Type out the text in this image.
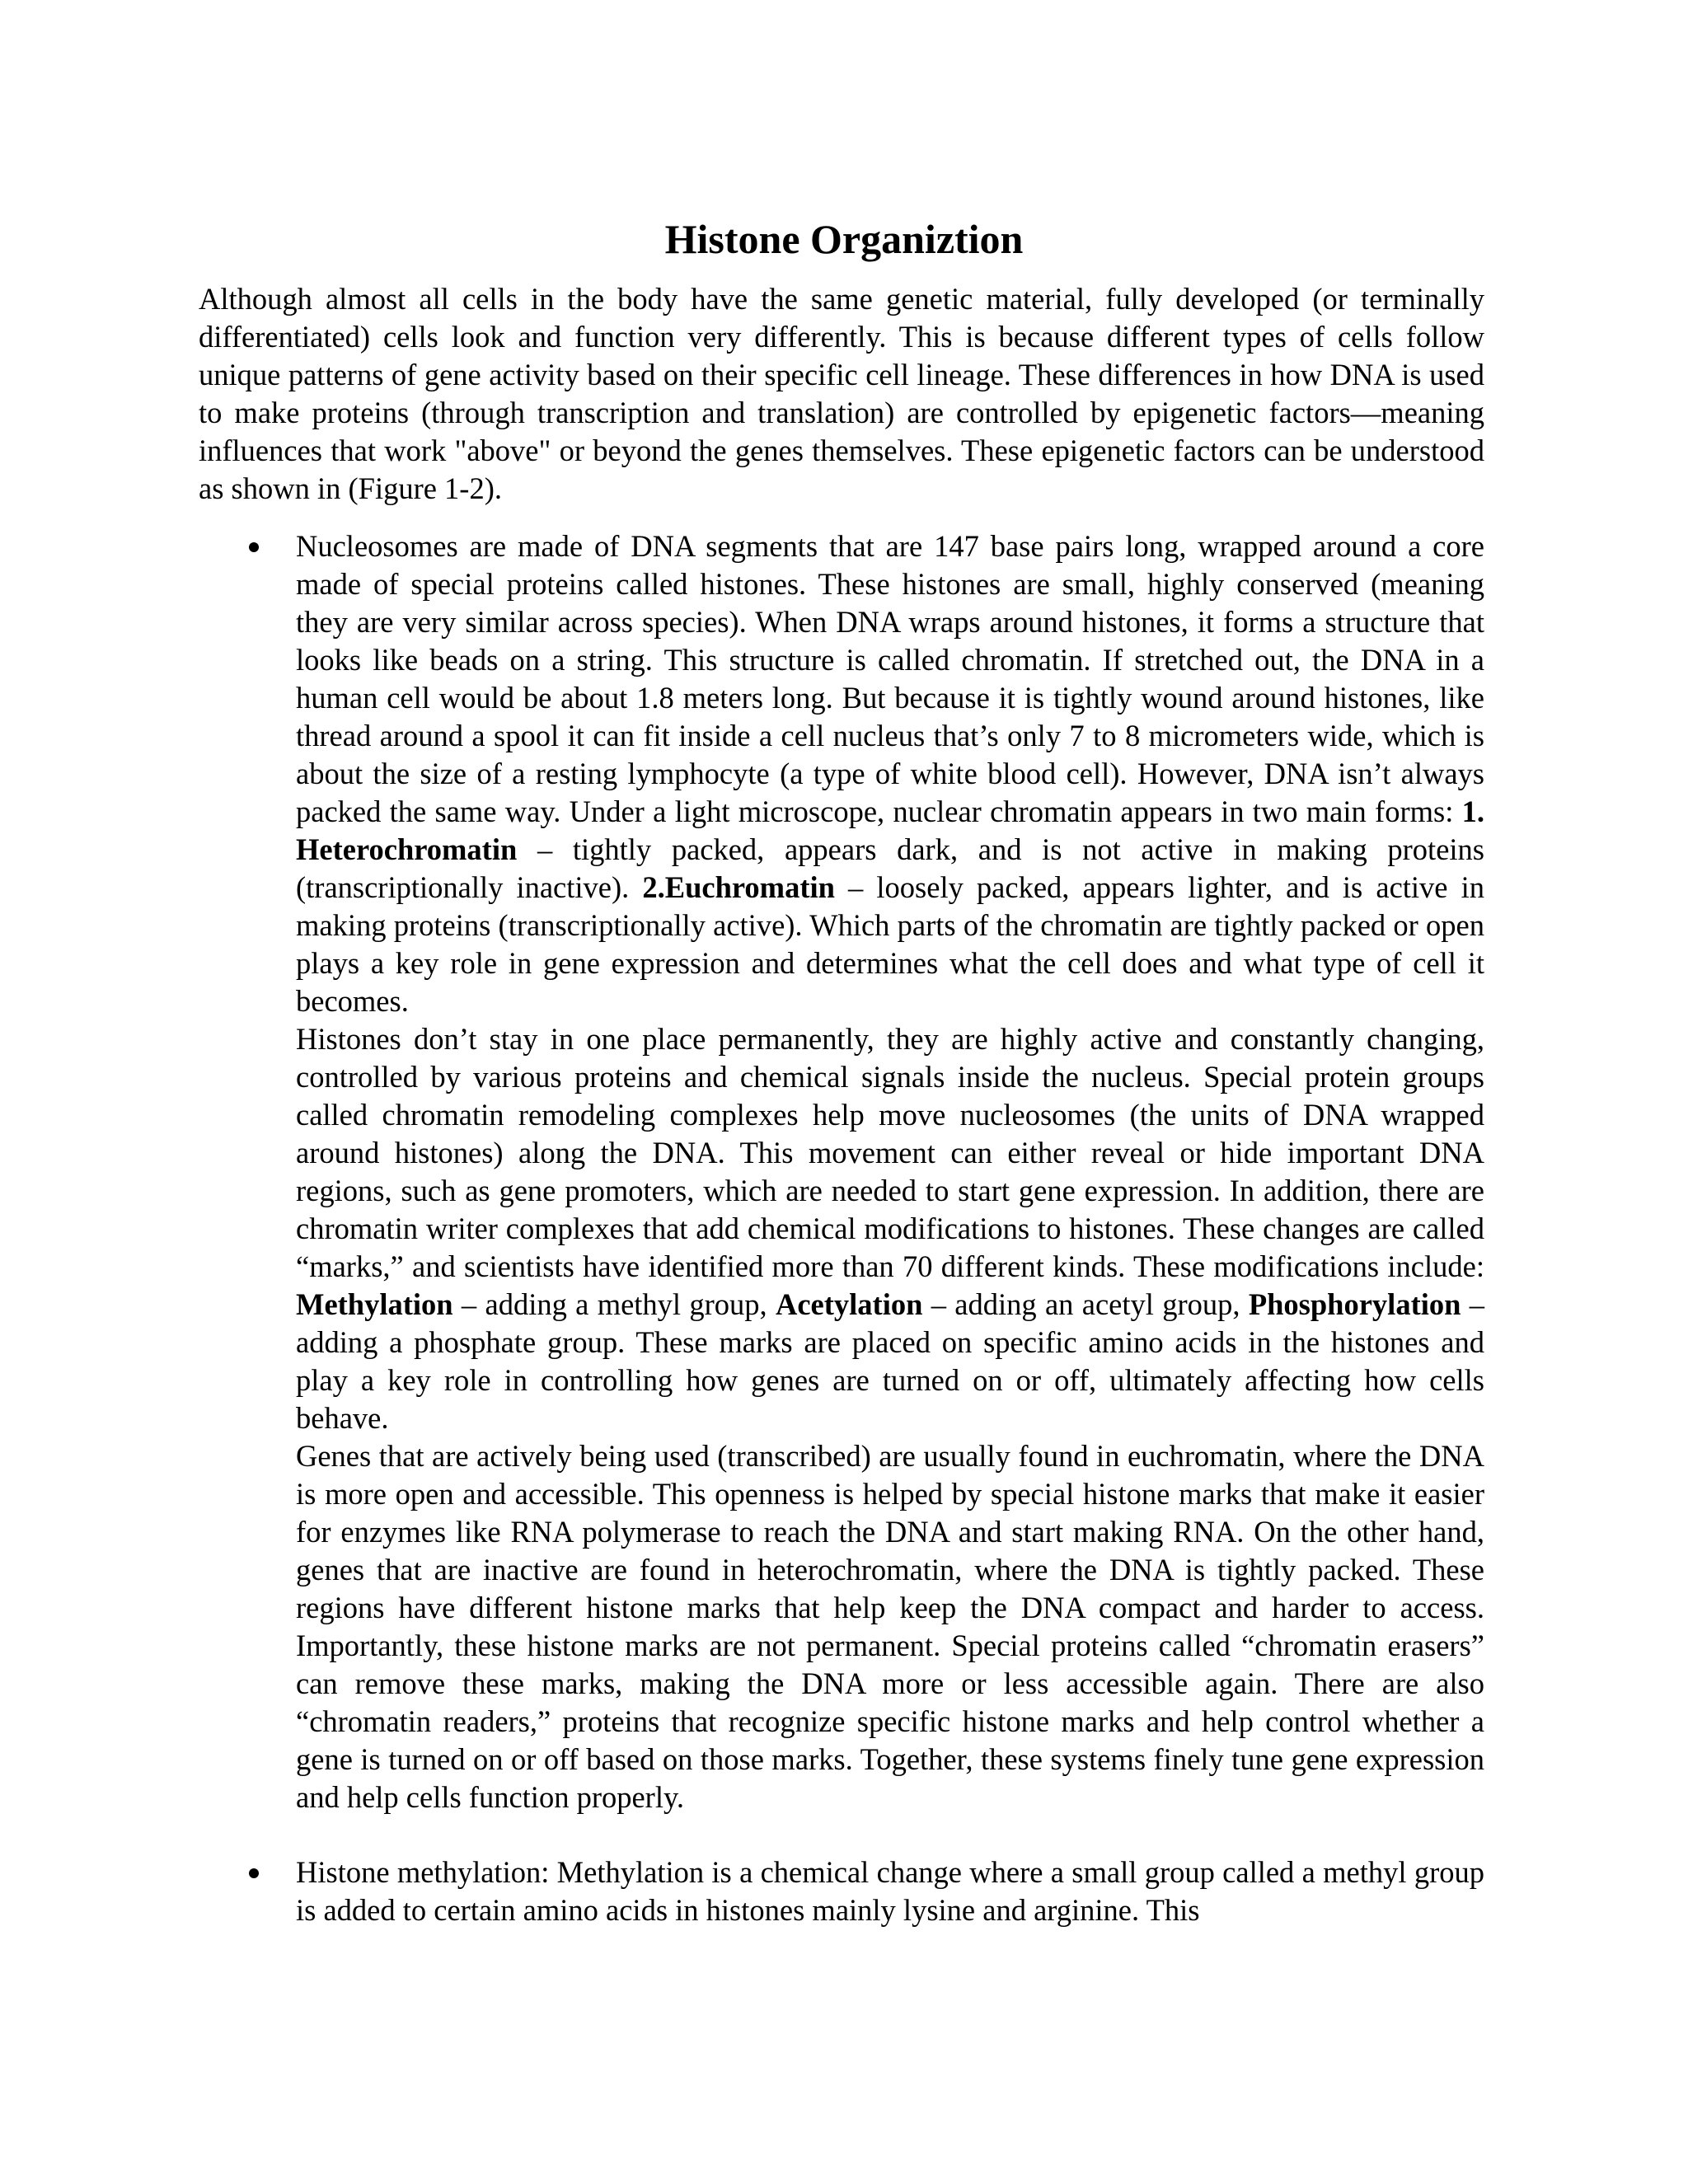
Histone Organiztion

Although almost all cells in the body have the same genetic material, fully developed (or terminally differentiated) cells look and function very differently. This is because different types of cells follow unique patterns of gene activity based on their specific cell lineage. These differences in how DNA is used to make proteins (through transcription and translation) are controlled by epigenetic factors—meaning influences that work "above" or beyond the genes themselves. These epigenetic factors can be understood as shown in (Figure 1-2).

Nucleosomes are made of DNA segments that are 147 base pairs long, wrapped around a core made of special proteins called histones. These histones are small, highly conserved (meaning they are very similar across species). When DNA wraps around histones, it forms a structure that looks like beads on a string. This structure is called chromatin. If stretched out, the DNA in a human cell would be about 1.8 meters long. But because it is tightly wound around histones, like thread around a spool it can fit inside a cell nucleus that’s only 7 to 8 micrometers wide, which is about the size of a resting lymphocyte (a type of white blood cell). However, DNA isn’t always packed the same way. Under a light microscope, nuclear chromatin appears in two main forms: 1. Heterochromatin – tightly packed, appears dark, and is not active in making proteins (transcriptionally inactive). 2.Euchromatin – loosely packed, appears lighter, and is active in making proteins (transcriptionally active). Which parts of the chromatin are tightly packed or open plays a key role in gene expression and determines what the cell does and what type of cell it becomes.

Histones don’t stay in one place permanently, they are highly active and constantly changing, controlled by various proteins and chemical signals inside the nucleus. Special protein groups called chromatin remodeling complexes help move nucleosomes (the units of DNA wrapped around histones) along the DNA. This movement can either reveal or hide important DNA regions, such as gene promoters, which are needed to start gene expression. In addition, there are chromatin writer complexes that add chemical modifications to histones. These changes are called “marks,” and scientists have identified more than 70 different kinds. These modifications include: Methylation – adding a methyl group, Acetylation – adding an acetyl group, Phosphorylation – adding a phosphate group. These marks are placed on specific amino acids in the histones and play a key role in controlling how genes are turned on or off, ultimately affecting how cells behave.

Genes that are actively being used (transcribed) are usually found in euchromatin, where the DNA is more open and accessible. This openness is helped by special histone marks that make it easier for enzymes like RNA polymerase to reach the DNA and start making RNA. On the other hand, genes that are inactive are found in heterochromatin, where the DNA is tightly packed. These regions have different histone marks that help keep the DNA compact and harder to access. Importantly, these histone marks are not permanent. Special proteins called “chromatin erasers” can remove these marks, making the DNA more or less accessible again. There are also “chromatin readers,” proteins that recognize specific histone marks and help control whether a gene is turned on or off based on those marks. Together, these systems finely tune gene expression and help cells function properly.

Histone methylation: Methylation is a chemical change where a small group called a methyl group is added to certain amino acids in histones mainly lysine and arginine. This
